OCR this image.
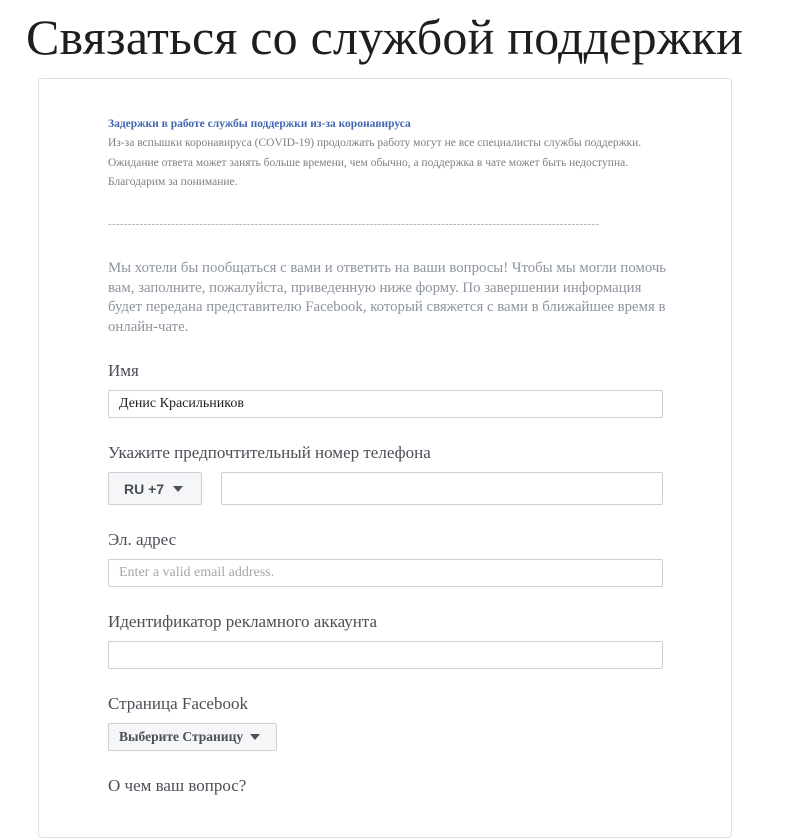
Связаться со службой поддержки
Задержки в работе службы поддержки из-за коронавируса
Из-за вспышки коронавируса (COVID-19) продолжать работу могут не все специалисты службы поддержки. Ожидание ответа может занять больше времени, чем обычно, а поддержка в чате может быть недоступна. Благодарим за понимание.
----------------------------------------------------------------------------------------------------------------------------
Мы хотели бы пообщаться с вами и ответить на ваши вопросы! Чтобы мы могли помочь вам, заполните, пожалуйста, приведенную ниже форму. По завершении информация будет передана представителю Facebook, который свяжется с вами в ближайшее время в онлайн-чате.
Имя
Денис Красильников
Укажите предпочтительный номер телефона
RU +7
Эл. адрес
Enter a valid email address.
Идентификатор рекламного аккаунта
Страница Facebook
Выберите Страницу
О чем ваш вопрос?
